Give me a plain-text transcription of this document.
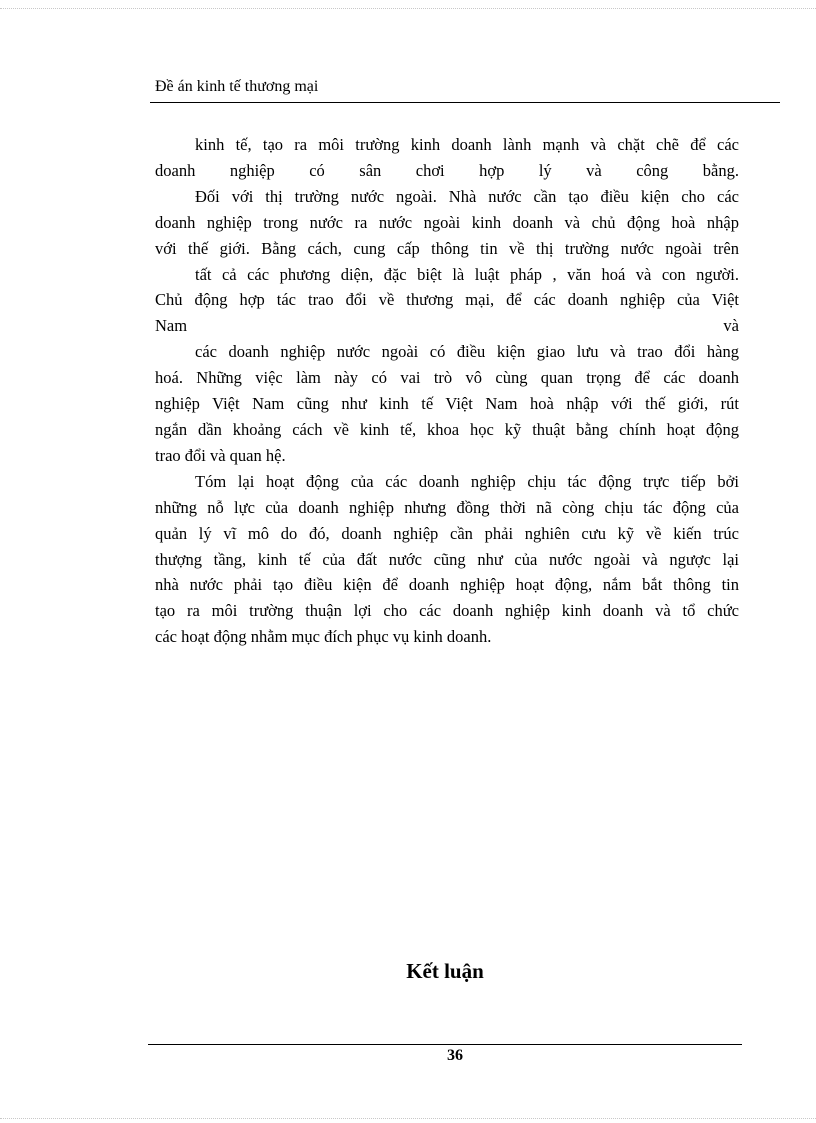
Đề án kinh tế thương mại

kinh tế, tạo ra môi trường kinh doanh lành mạnh và chặt chẽ để các
doanh nghiệp có sân chơi hợp lý và công bằng.

Đối với thị trường nước ngoài. Nhà nước cần tạo điều kiện cho các
doanh nghiệp trong nước ra nước ngoài kinh doanh và chủ động hoà nhập
với thế giới. Bằng cách, cung cấp thông tin về thị trường nước ngoài trên
tất cả các phương diện, đặc biệt là luật pháp , văn hoá và con người.
Chủ động hợp tác trao đổi về thương mại, để các doanh nghiệp của Việt
Nam và
các doanh nghiệp nước ngoài có điều kiện giao lưu và trao đổi hàng
hoá. Những việc làm này có vai trò vô cùng quan trọng để các doanh
nghiệp Việt Nam cũng như kinh tế Việt Nam hoà nhập với thế giới, rút
ngắn dần khoảng cách về kinh tế, khoa học kỹ thuật bằng chính hoạt động
trao đổi và quan hệ.

Tóm lại hoạt động của các doanh nghiệp chịu tác động trực tiếp bởi
những nỗ lực của doanh nghiệp nhưng đồng thời nã còng chịu tác động của
quản lý vĩ mô do đó, doanh nghiệp cần phải nghiên cưu kỹ về kiến trúc
thượng tầng, kinh tế của đất nước cũng như của nước ngoài và ngược lại
nhà nước phải tạo điều kiện để doanh nghiệp hoạt động, nắm bắt thông tin
tạo ra môi trường thuận lợi cho các doanh nghiệp kinh doanh và tổ chức
các hoạt động nhằm mục đích phục vụ kinh doanh.

Kết luận
36
